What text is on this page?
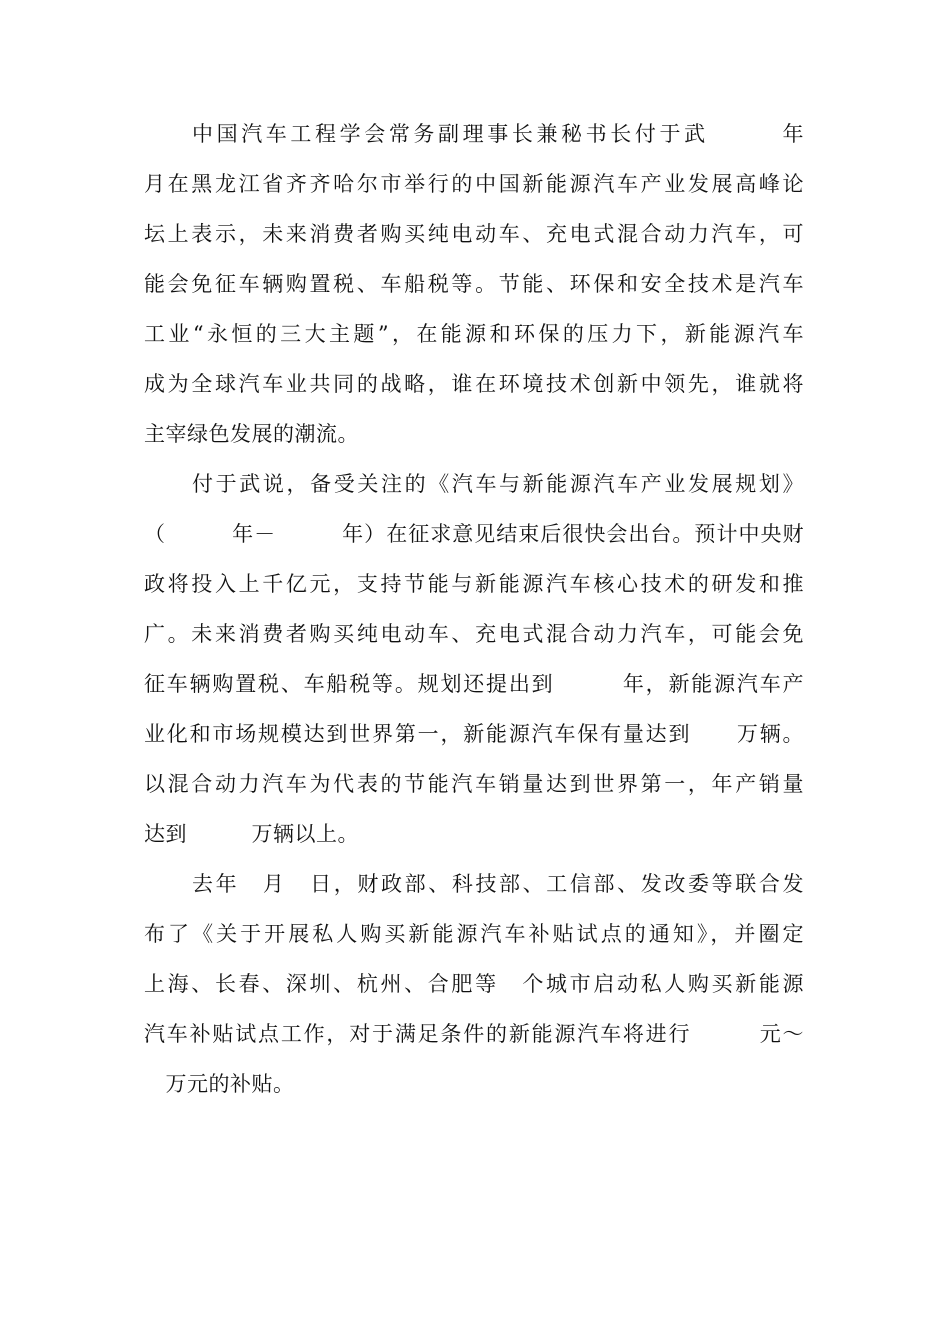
中国汽车工程学会常务副理事长兼秘书长付于武　　　年
月在黑龙江省齐齐哈尔市举行的中国新能源汽车产业发展高峰论
坛上表示，未来消费者购买纯电动车、充电式混合动力汽车，可
能会免征车辆购置税、车船税等。节能、环保和安全技术是汽车
工业“永恒的三大主题”，在能源和环保的压力下，新能源汽车
成为全球汽车业共同的战略，谁在环境技术创新中领先，谁就将
主宰绿色发展的潮流。
付于武说，备受关注的《汽车与新能源汽车产业发展规划》
（　　　年－　　　年）在征求意见结束后很快会出台。预计中央财
政将投入上千亿元，支持节能与新能源汽车核心技术的研发和推
广。未来消费者购买纯电动车、充电式混合动力汽车，可能会免
征车辆购置税、车船税等。规划还提出到　　　年，新能源汽车产
业化和市场规模达到世界第一，新能源汽车保有量达到　　万辆。
以混合动力汽车为代表的节能汽车销量达到世界第一，年产销量
达到　　　万辆以上。
去年　月　日，财政部、科技部、工信部、发改委等联合发
布了《关于开展私人购买新能源汽车补贴试点的通知》，并圈定
上海、长春、深圳、杭州、合肥等　个城市启动私人购买新能源
汽车补贴试点工作，对于满足条件的新能源汽车将进行　　　元～
　万元的补贴。
